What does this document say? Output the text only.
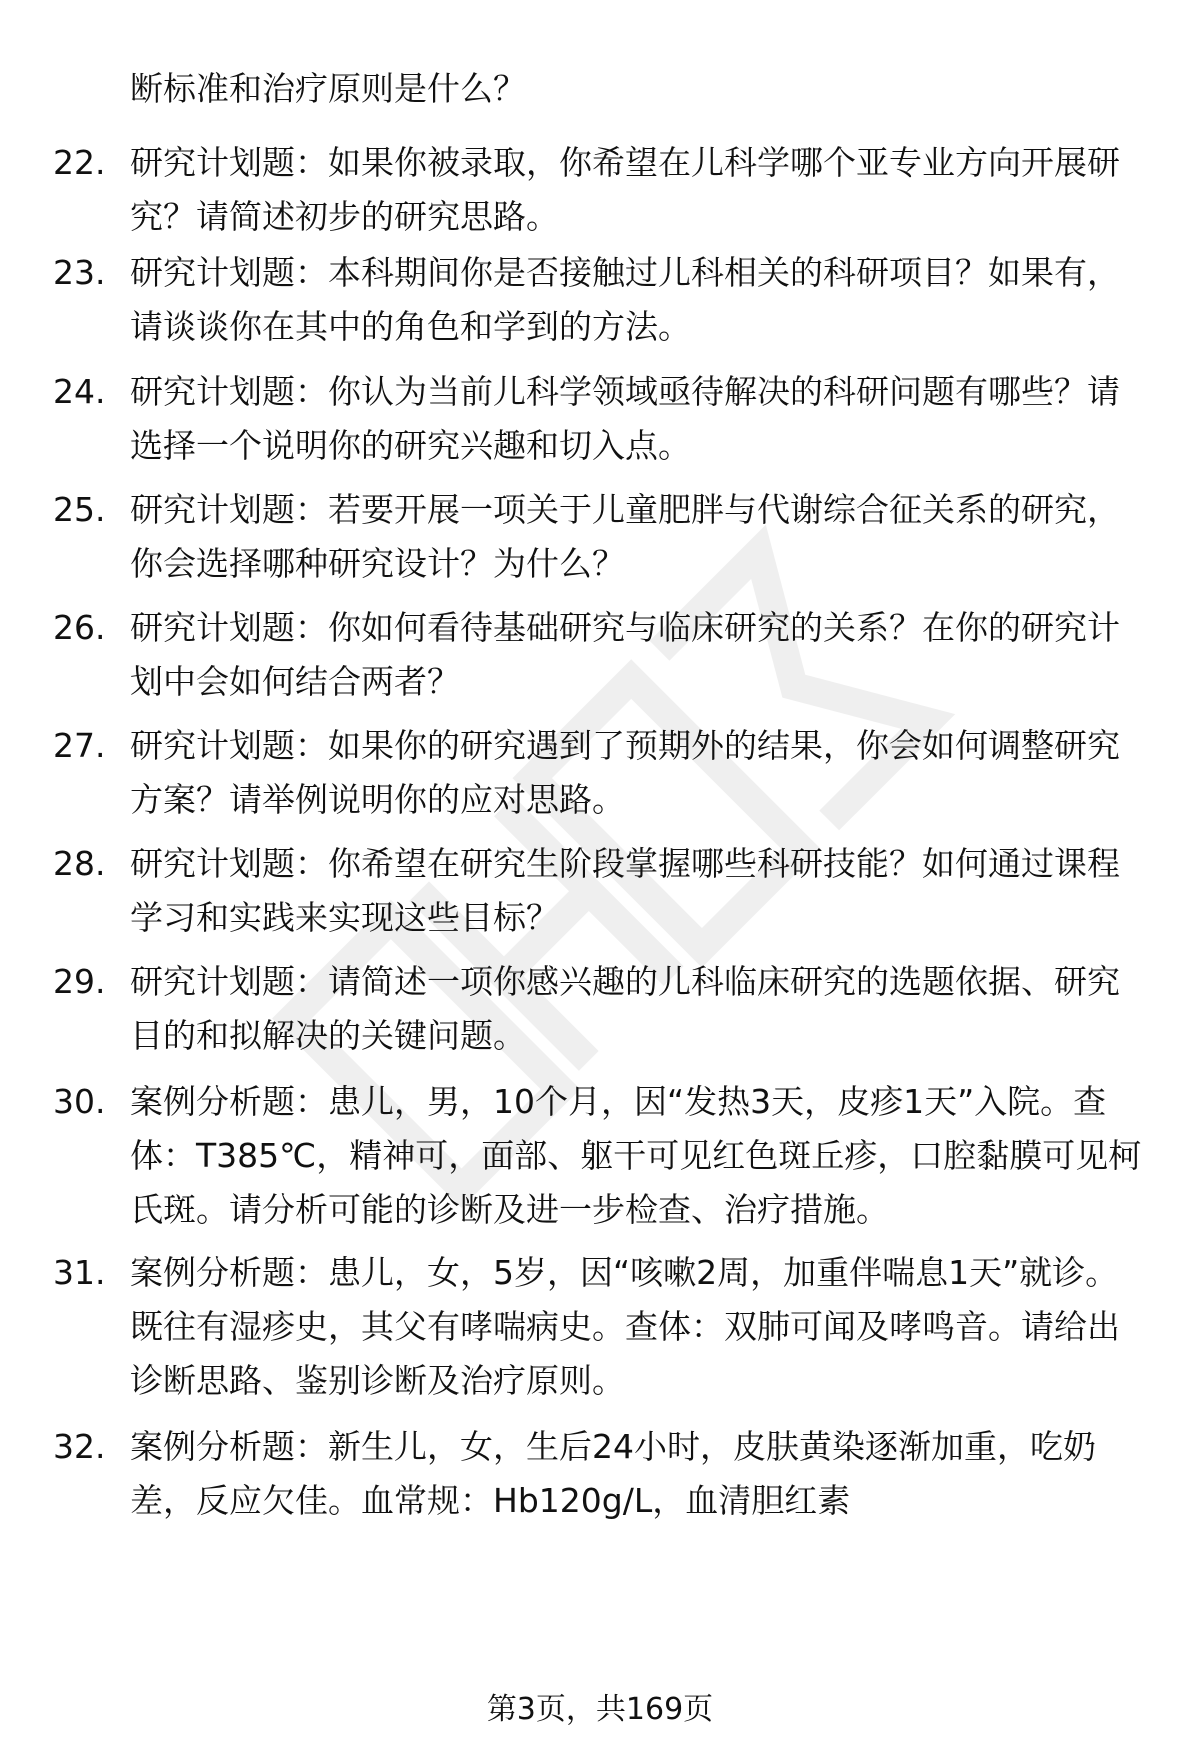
断标准和治疗原则是什么？

22. 研究计划题：如果你被录取，你希望在儿科学哪个亚专业方向开展研究？请简述初步的研究思路。

23. 研究计划题：本科期间你是否接触过儿科相关的科研项目？如果有，请谈谈你在其中的角色和学到的方法。

24. 研究计划题：你认为当前儿科学领域亟待解决的科研问题有哪些？请选择一个说明你的研究兴趣和切入点。

25. 研究计划题：若要开展一项关于儿童肥胖与代谢综合征关系的研究，你会选择哪种研究设计？为什么？

26. 研究计划题：你如何看待基础研究与临床研究的关系？在你的研究计划中会如何结合两者？

27. 研究计划题：如果你的研究遇到了预期外的结果，你会如何调整研究方案？请举例说明你的应对思路。

28. 研究计划题：你希望在研究生阶段掌握哪些科研技能？如何通过课程学习和实践来实现这些目标？

29. 研究计划题：请简述一项你感兴趣的儿科临床研究的选题依据、研究目的和拟解决的关键问题。

30. 案例分析题：患儿，男，10个月，因“发热3天，皮疹1天”入院。查体：T385℃，精神可，面部、躯干可见红色斑丘疹，口腔黏膜可见柯氏斑。请分析可能的诊断及进一步检查、治疗措施。

31. 案例分析题：患儿，女，5岁，因“咳嗽2周，加重伴喘息1天”就诊。既往有湿疹史，其父有哮喘病史。查体：双肺可闻及哮鸣音。请给出诊断思路、鉴别诊断及治疗原则。

32. 案例分析题：新生儿，女，生后24小时，皮肤黄染逐渐加重，吃奶差，反应欠佳。血常规：Hb120g/L，血清胆红素

第3页，共169页
